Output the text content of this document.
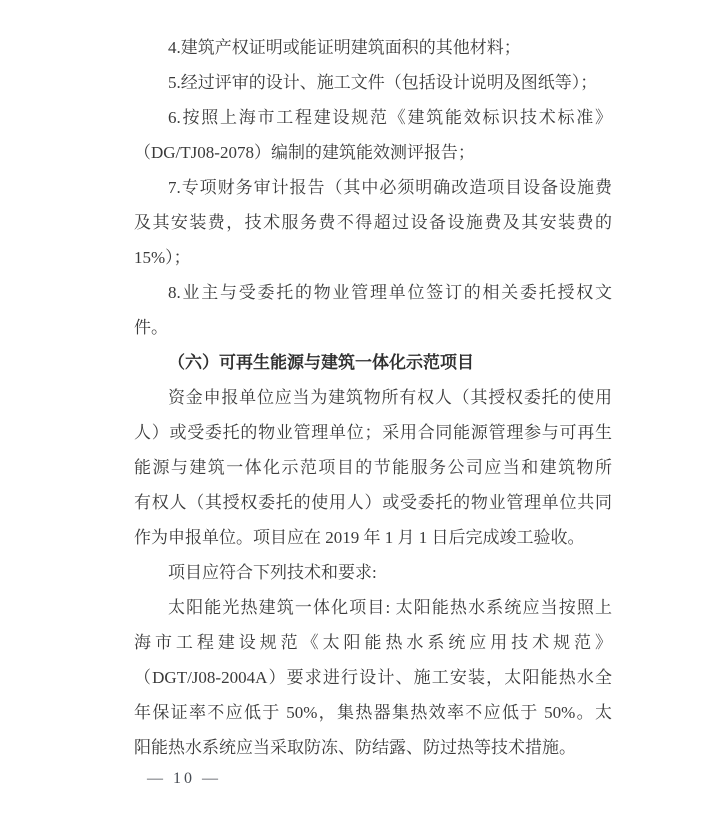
4.建筑产权证明或能证明建筑面积的其他材料；
5.经过评审的设计、施工文件（包括设计说明及图纸等）；
6.按照上海市工程建设规范《建筑能效标识技术标准》
（DG/TJ08-2078）编制的建筑能效测评报告；
7.专项财务审计报告（其中必须明确改造项目设备设施费
及其安装费，技术服务费不得超过设备设施费及其安装费的
15%）；
8.业主与受委托的物业管理单位签订的相关委托授权文
件。
（六）可再生能源与建筑一体化示范项目
资金申报单位应当为建筑物所有权人（其授权委托的使用
人）或受委托的物业管理单位；采用合同能源管理参与可再生
能源与建筑一体化示范项目的节能服务公司应当和建筑物所
有权人（其授权委托的使用人）或受委托的物业管理单位共同
作为申报单位。项目应在 2019 年 1 月 1 日后完成竣工验收。
项目应符合下列技术和要求:
太阳能光热建筑一体化项目: 太阳能热水系统应当按照上
海市工程建设规范《太阳能热水系统应用技术规范》
（DGT/J08-2004A）要求进行设计、施工安装，太阳能热水全
年保证率不应低于 50%，集热器集热效率不应低于 50%。太
阳能热水系统应当采取防冻、防结露、防过热等技术措施。
— 10 —
